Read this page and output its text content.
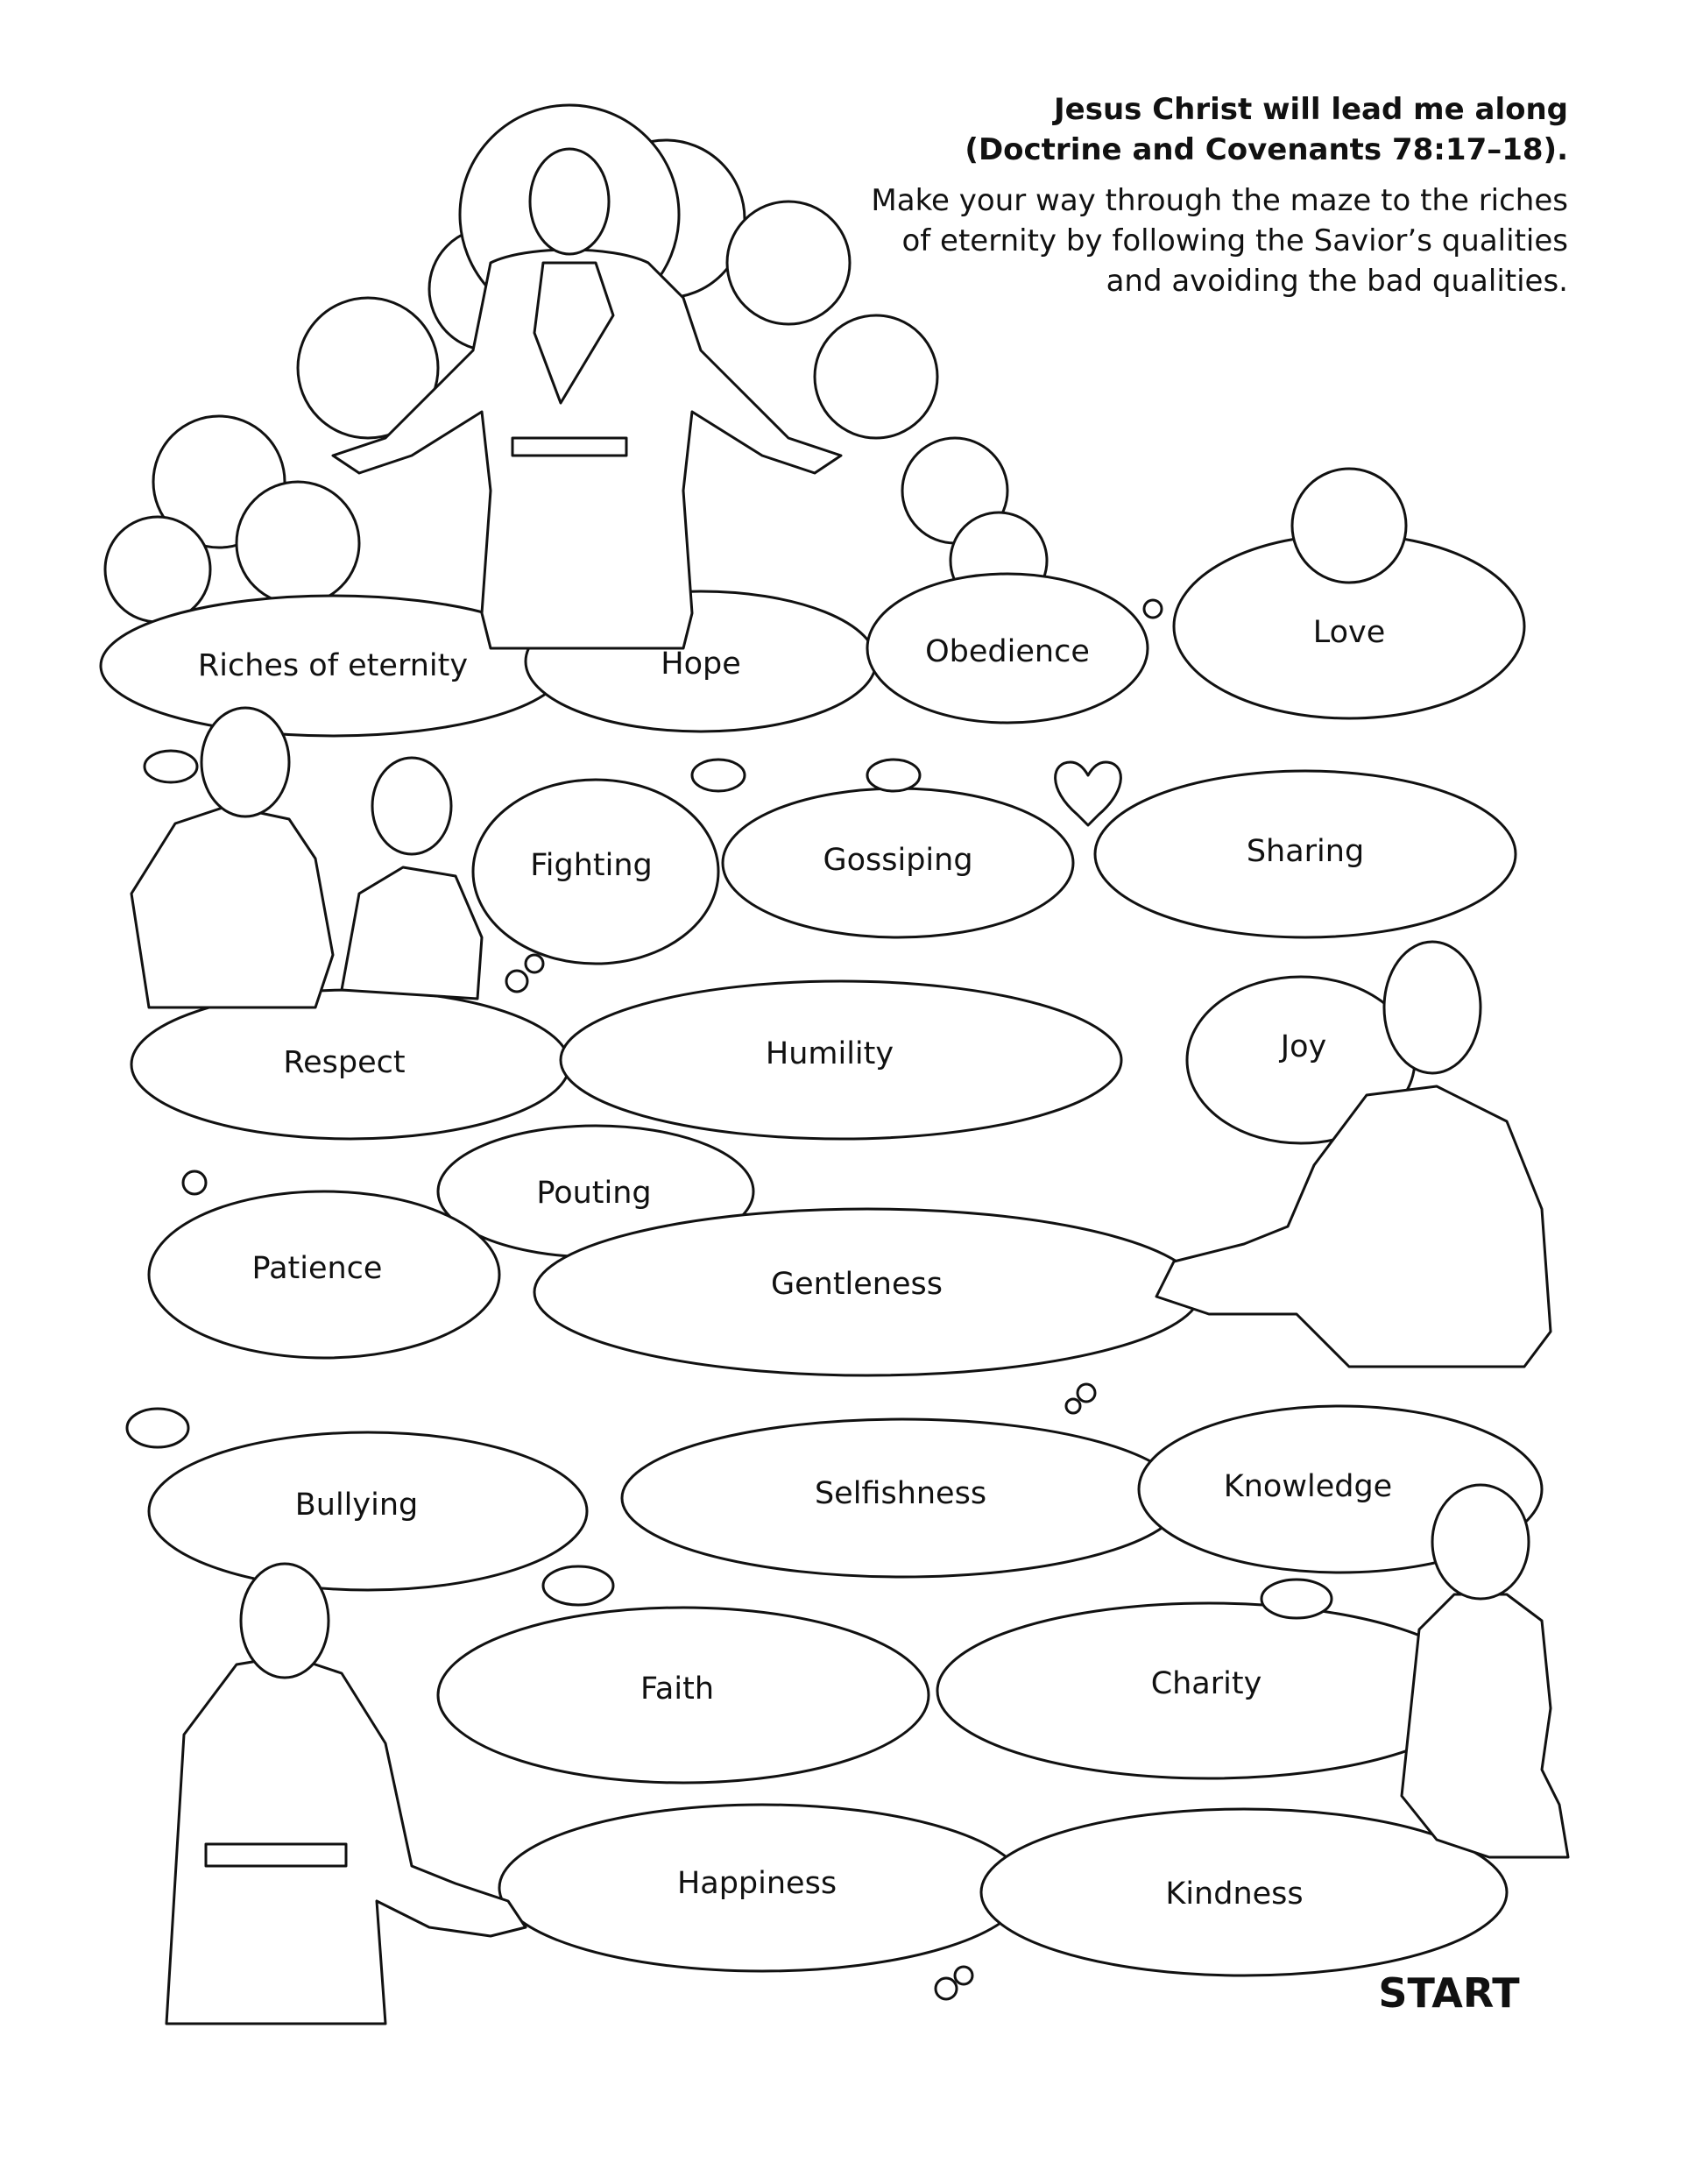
Jesus Christ will lead me along
(Doctrine and Covenants 78:17–18).
Make your way through the maze to the riches
of eternity by following the Savior’s qualities
and avoiding the bad qualities.
Riches of eternity	Hope	Obedience
Love
Fighting	Gossiping	Sharing
Respect	Humility	Joy
Pouting
Patience	Gentleness
Bullying	Selfishness	Knowledge
Faith	Charity
Happiness	Kindness
START
